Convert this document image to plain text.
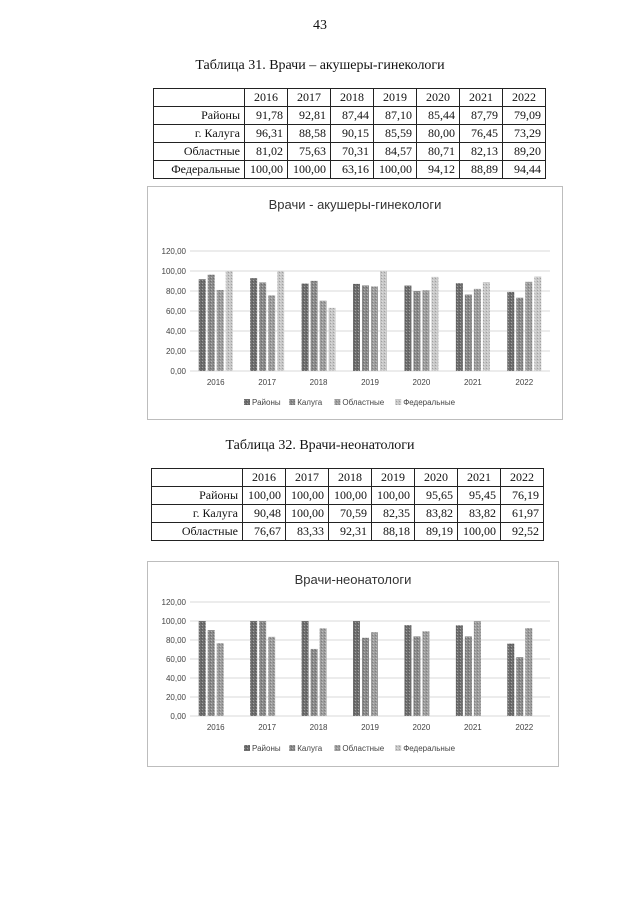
43
Таблица 31. Врачи – акушеры-гинекологи
	2016	2017	2018	2019	2020	2021	2022
Районы	91,78	92,81	87,44	87,10	85,44	87,79	79,09
г. Калуга	96,31	88,58	90,15	85,59	80,00	76,45	73,29
Областные	81,02	75,63	70,31	84,57	80,71	82,13	89,20
Федеральные	100,00	100,00	63,16	100,00	94,12	88,89	94,44
Врачи - акушеры-гинекологи
0,00
20,00
40,00
60,00
80,00
100,00
120,00
2016	2017	2018	2019	2020	2021	2022
Районы Калуга	Областные Федеральные
Таблица 32. Врачи-неонатологи
	2016	2017	2018	2019	2020	2021	2022
Районы	100,00	100,00	100,00	100,00	95,65	95,45	76,19
г. Калуга	90,48	100,00	70,59	82,35	83,82	83,82	61,97
Областные	76,67	83,33	92,31	88,18	89,19	100,00	92,52
Врачи-неонатологи
0,00
20,00
40,00
60,00
80,00
100,00
120,00
2016	2017	2018	2019	2020	2021	2022
Районы Калуга	Областные Федеральные
